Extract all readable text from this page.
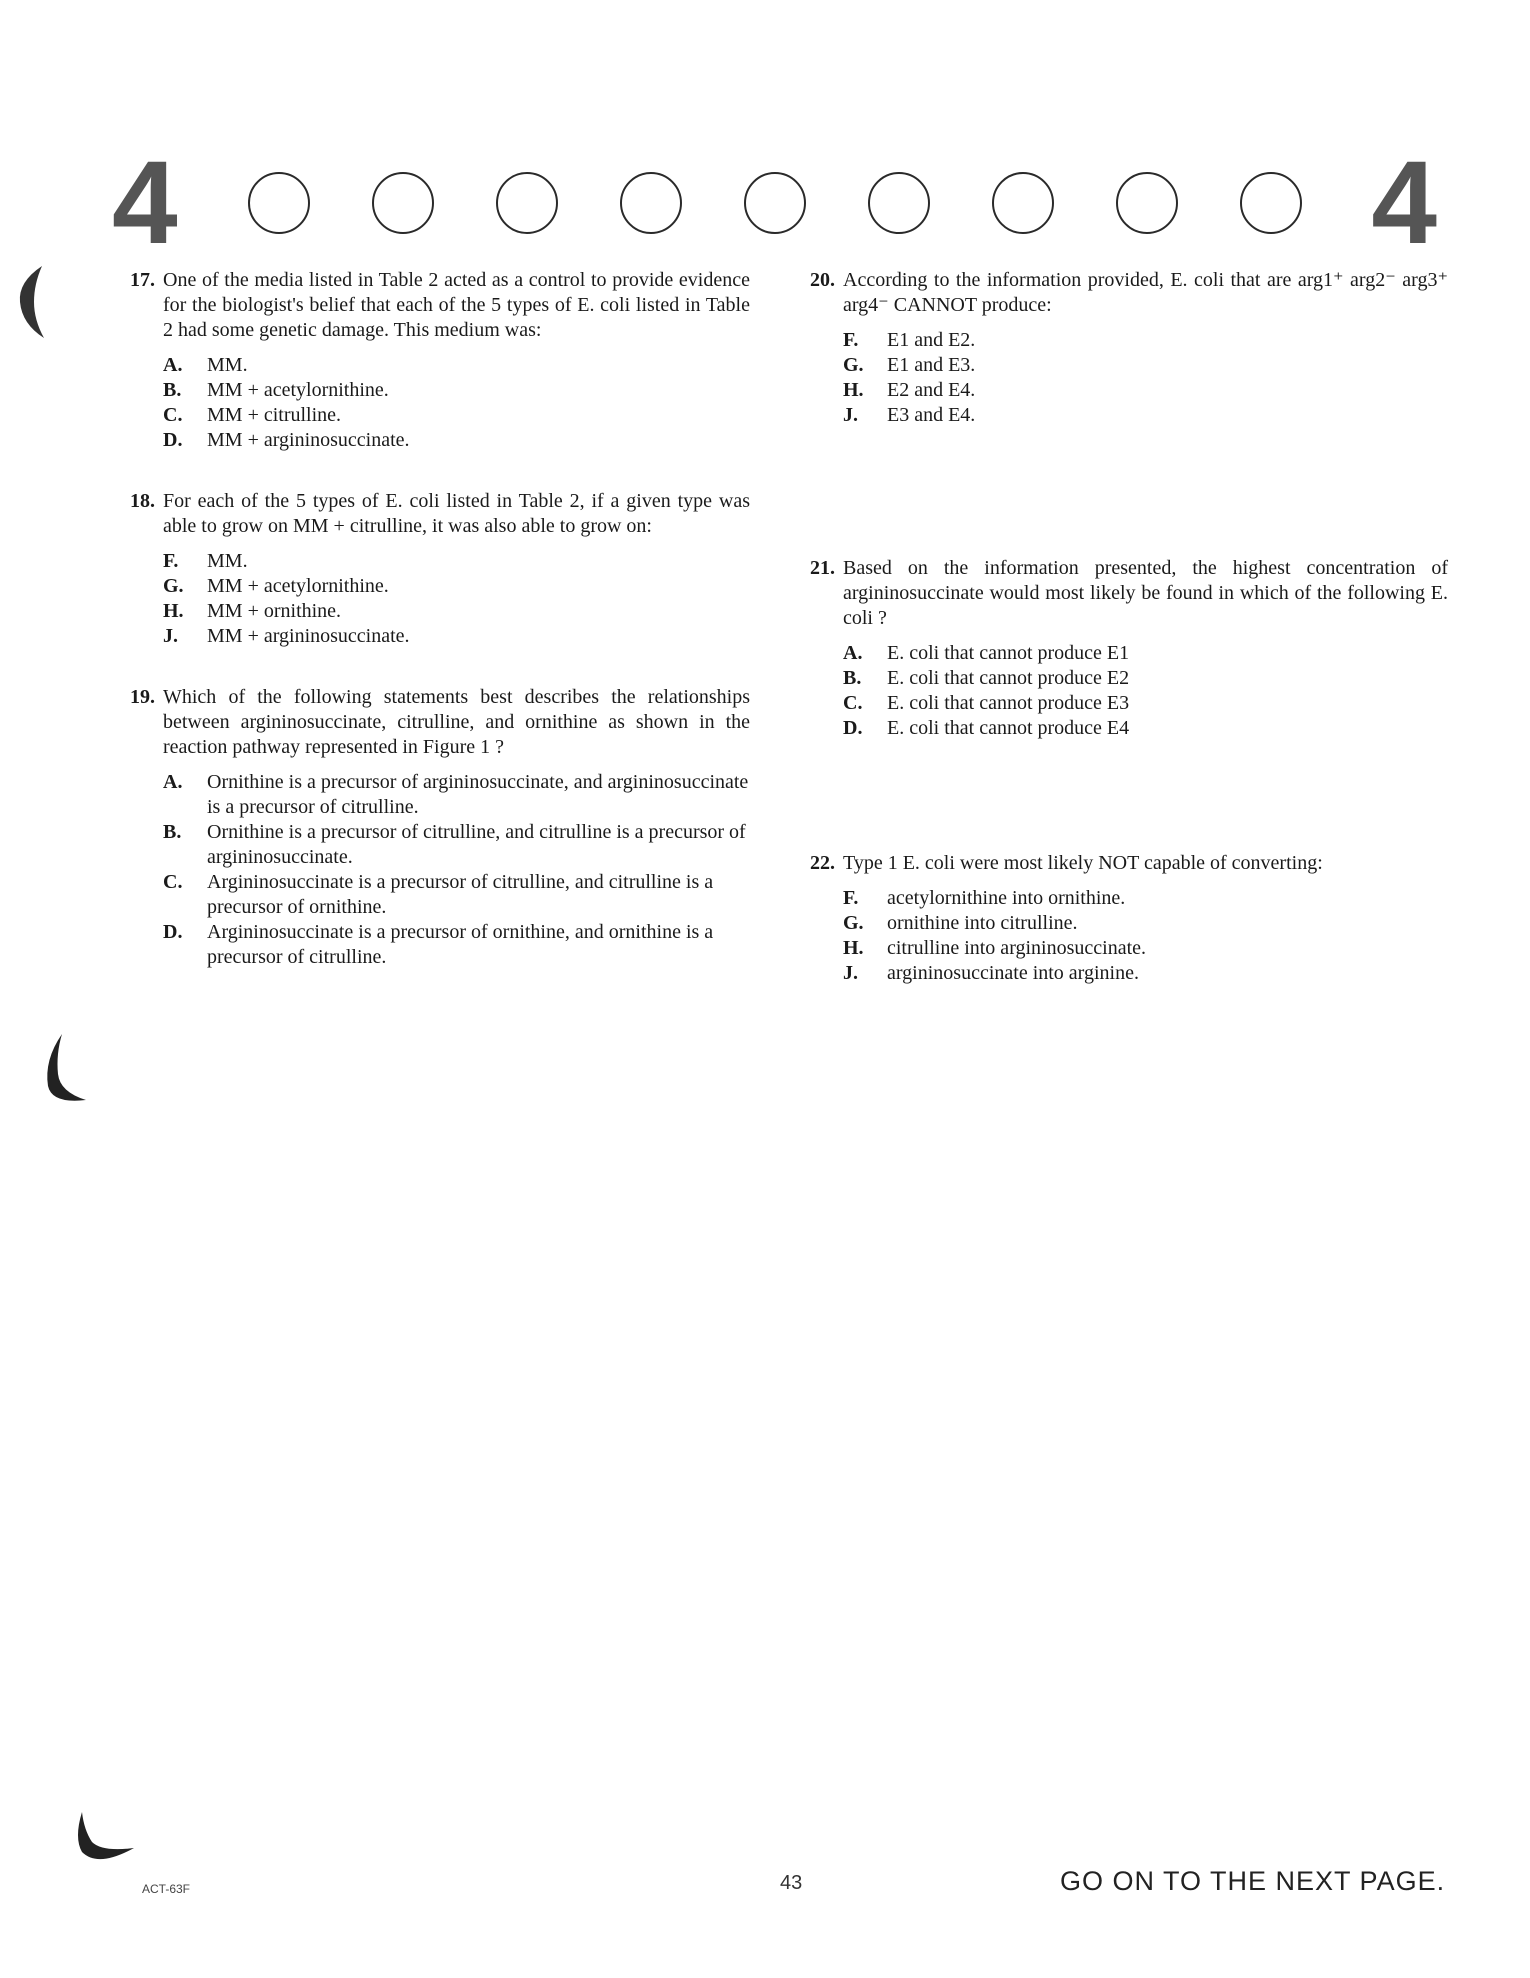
4	4
17. One of the media listed in Table 2 acted as a control to provide evidence for the biologist's belief that each of the 5 types of E. coli listed in Table 2 had some genetic damage. This medium was:
A.	MM.
B.	MM + acetylornithine.
C.	MM + citrulline.
D.	MM + argininosuccinate.
18. For each of the 5 types of E. coli listed in Table 2, if a given type was able to grow on MM + citrulline, it was also able to grow on:
F.	MM.
G.	MM + acetylornithine.
H.	MM + ornithine.
J.	MM + argininosuccinate.
19. Which of the following statements best describes the relationships between argininosuccinate, citrulline, and ornithine as shown in the reaction pathway represented in Figure 1 ?
A.	Ornithine is a precursor of argininosuccinate, and argininosuccinate is a precursor of citrulline.
B.	Ornithine is a precursor of citrulline, and citrulline is a precursor of argininosuccinate.
C.	Argininosuccinate is a precursor of citrulline, and citrulline is a precursor of ornithine.
D.	Argininosuccinate is a precursor of ornithine, and ornithine is a precursor of citrulline.
20. According to the information provided, E. coli that are arg1⁺ arg2⁻ arg3⁺ arg4⁻ CANNOT produce:
F.	E1 and E2.
G.	E1 and E3.
H.	E2 and E4.
J.	E3 and E4.
21. Based on the information presented, the highest concentration of argininosuccinate would most likely be found in which of the following E. coli ?
A.	E. coli that cannot produce E1
B.	E. coli that cannot produce E2
C.	E. coli that cannot produce E3
D.	E. coli that cannot produce E4
22. Type 1 E. coli were most likely NOT capable of converting:
F.	acetylornithine into ornithine.
G.	ornithine into citrulline.
H.	citrulline into argininosuccinate.
J.	argininosuccinate into arginine.
ACT-63F	43	GO ON TO THE NEXT PAGE.
